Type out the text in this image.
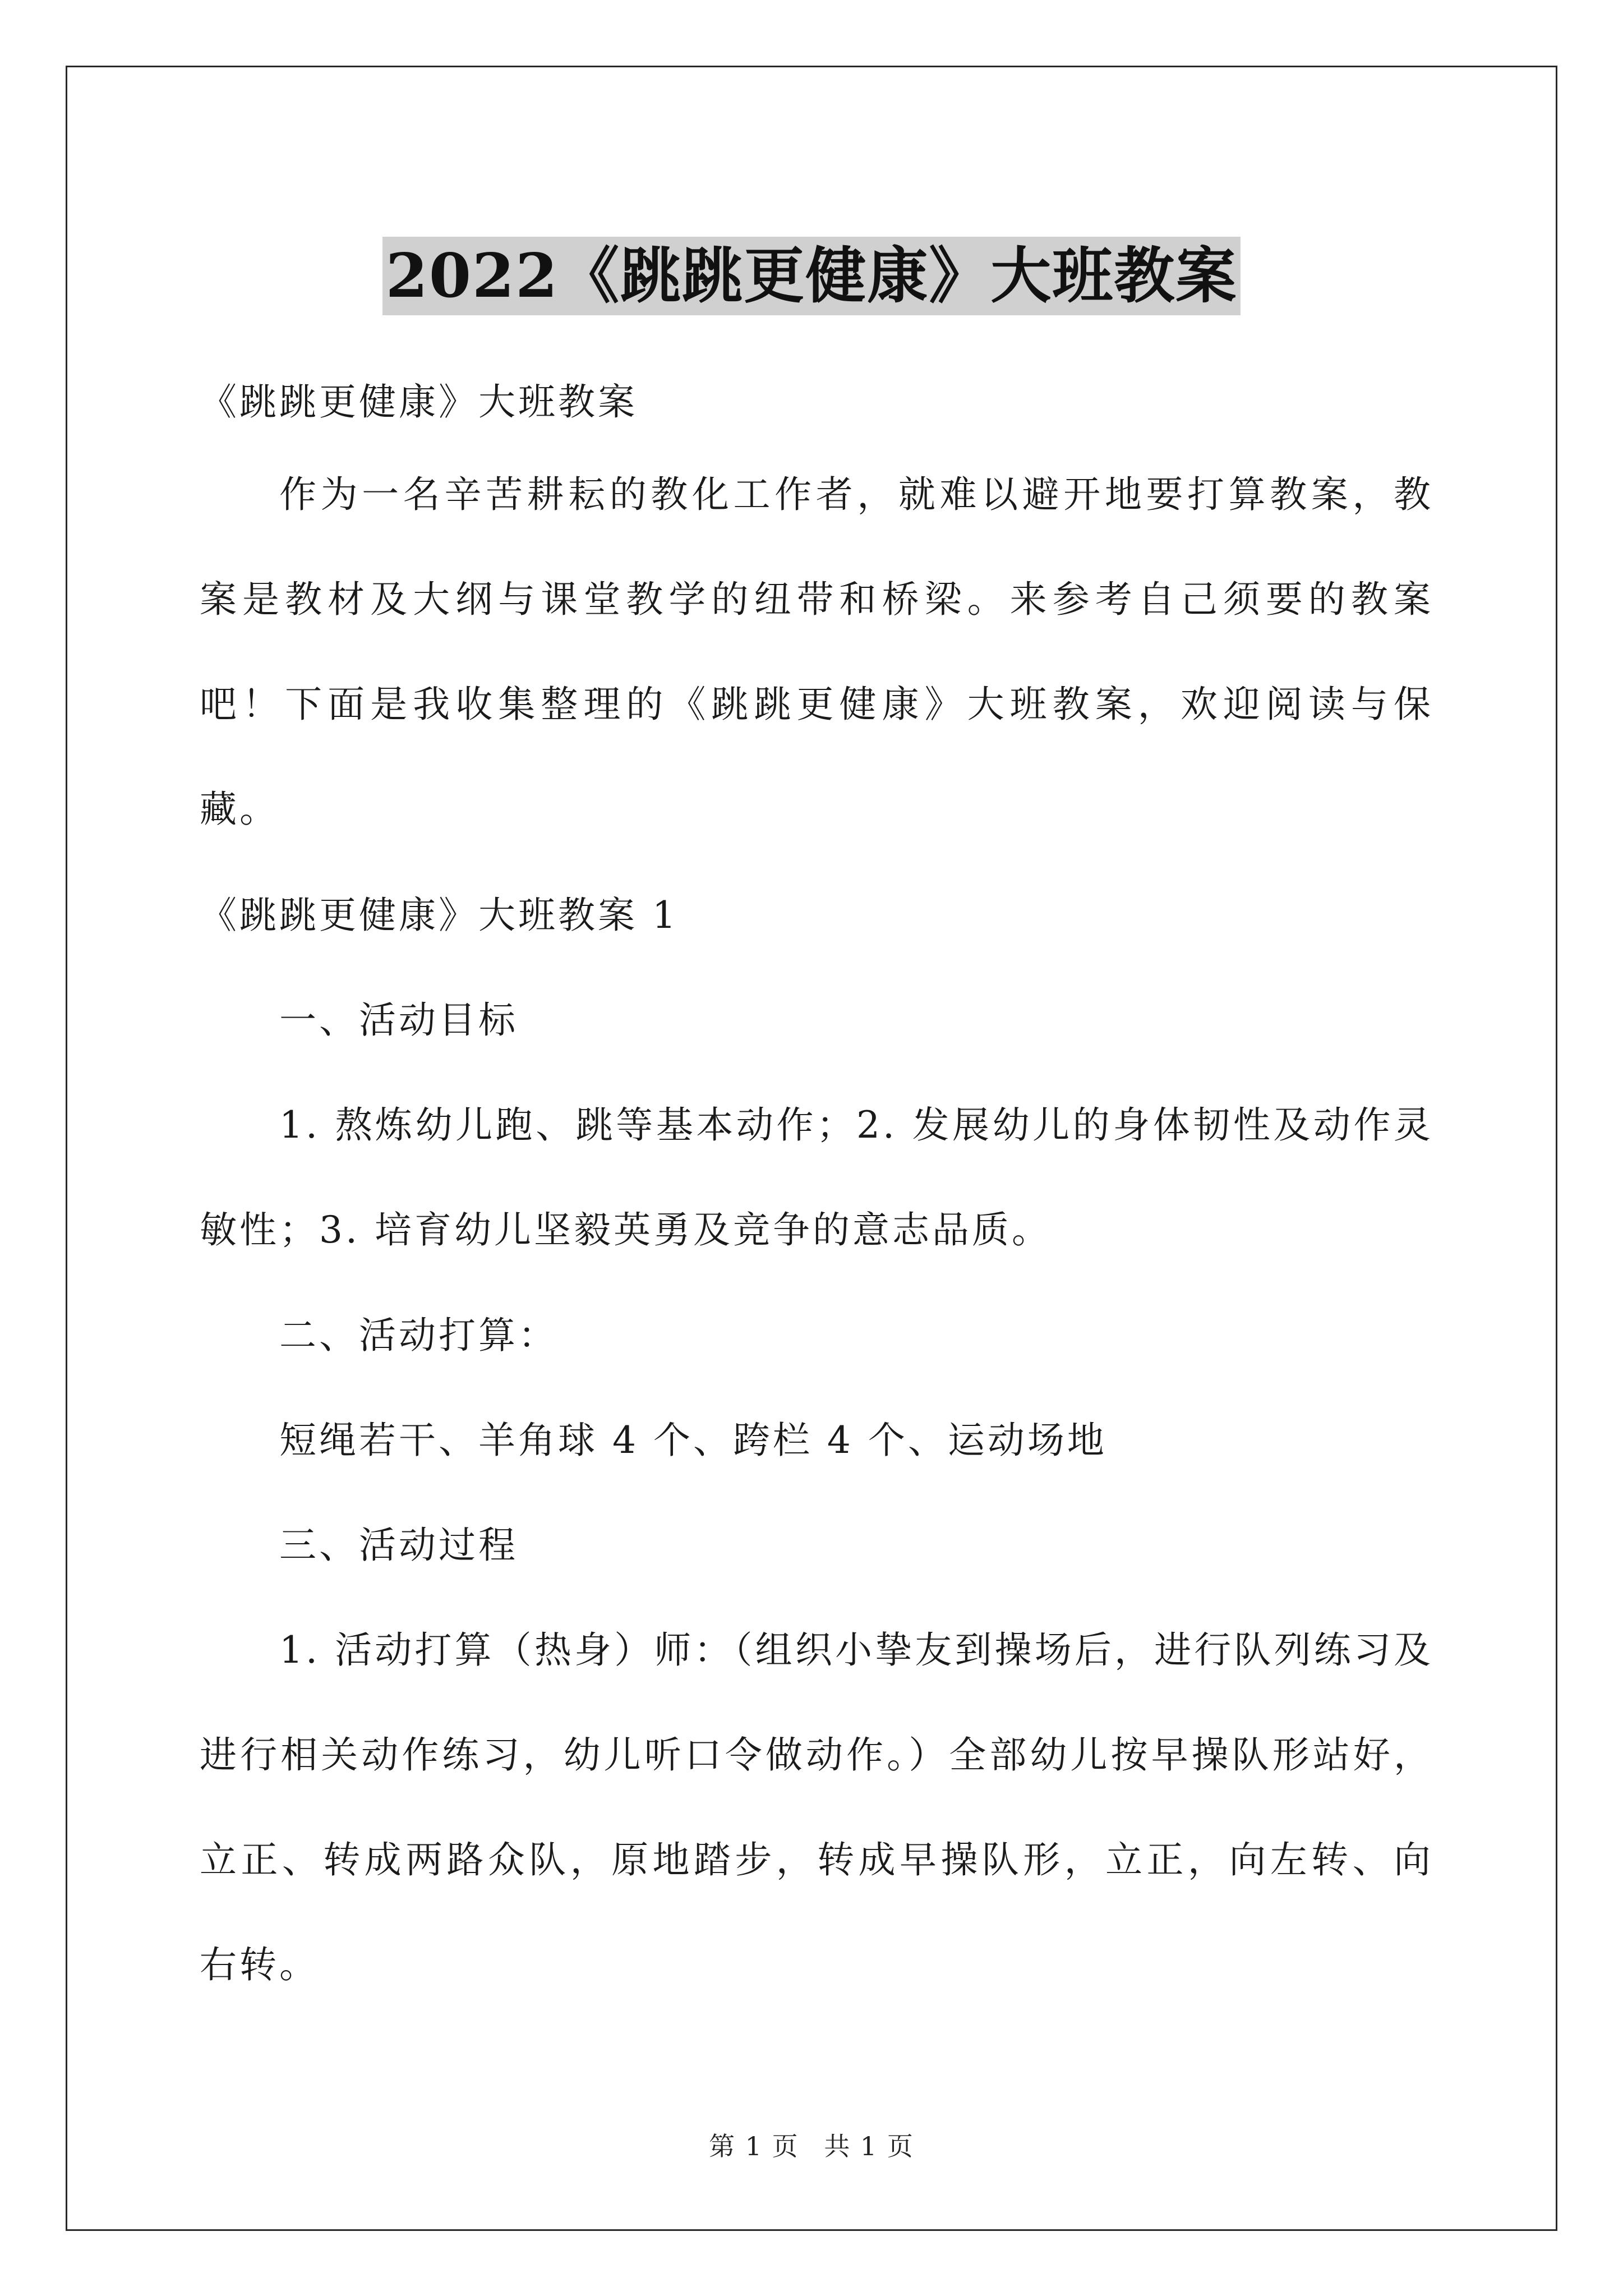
2022《跳跳更健康》大班教案

《跳跳更健康》大班教案

作为一名辛苦耕耘的教化工作者，就难以避开地要打算教案，教案是教材及大纲与课堂教学的纽带和桥梁。来参考自己须要的教案吧！下面是我收集整理的《跳跳更健康》大班教案，欢迎阅读与保藏。

《跳跳更健康》大班教案 1

一、活动目标

1. 熬炼幼儿跑、跳等基本动作；2. 发展幼儿的身体韧性及动作灵敏性；3. 培育幼儿坚毅英勇及竞争的意志品质。

二、活动打算：

短绳若干、羊角球 4 个、跨栏 4 个、运动场地

三、活动过程

1. 活动打算（热身）师：（组织小挚友到操场后，进行队列练习及进行相关动作练习，幼儿听口令做动作。）全部幼儿按早操队形站好，立正、转成两路众队，原地踏步，转成早操队形，立正，向左转、向右转。

第 1 页 共 1 页
